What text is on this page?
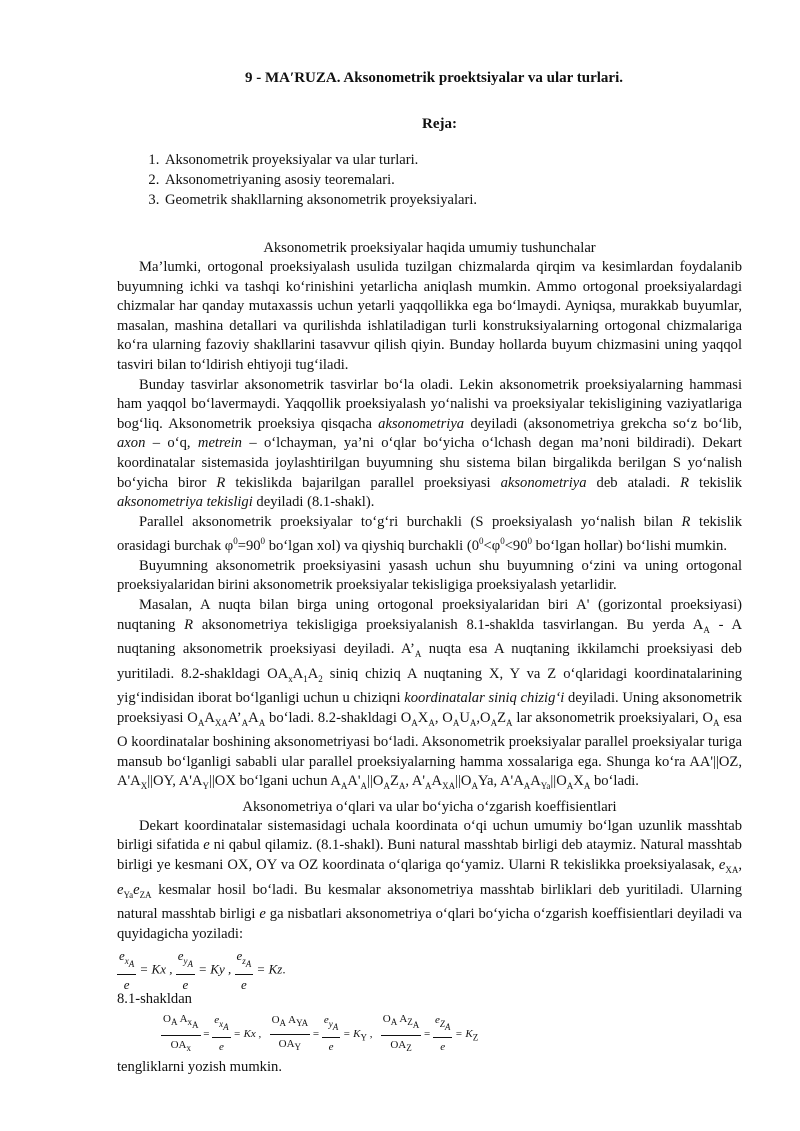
9 - MAʹRUZA. Aksonometrik proektsiyalar va ular turlari.
Reja:
1. Aksonometrik proyeksiyalar va ular turlari.
2. Aksonometriyaning asosiy teoremalari.
3. Geometrik shakllarning aksonometrik proyeksiyalari.
Aksonometrik proeksiyalar haqida umumiy tushunchalar

Ma’lumki, ortogonal proeksiyalash usulida tuzilgan chizmalarda qirqim va kesimlardan foydalanib buyumning ichki va tashqi ko‘rinishini yetarlicha aniqlash mumkin. Ammo ortogonal proeksiyalardagi chizmalar har qanday mutaxassis uchun yetarli yaqqollikka ega bo‘lmaydi. Ayniqsa, murakkab buyumlar, masalan, mashina detallari va qurilishda ishlatiladigan turli konstruksiyalarning ortogonal chizmalariga ko‘ra ularning fazoviy shakllarini tasavvur qilish qiyin. Bunday hollarda buyum chizmasini uning yaqqol tasviri bilan to‘ldirish ehtiyoji tug‘iladi.

Bunday tasvirlar aksonometrik tasvirlar bo‘la oladi. Lekin aksonometrik proeksiyalarning hammasi ham yaqqol bo‘lavermaydi. Yaqqollik proeksiyalash yo‘nalishi va proeksiyalar tekisligining vaziyatlariga bog‘liq. Aksonometrik proeksiya qisqacha aksonometriya deyiladi (aksonometriya grekcha so‘z bo‘lib, axon – o‘q, metrein – o‘lchayman, ya’ni o‘qlar bo‘yicha o‘lchash degan ma’noni bildiradi). Dekart koordinatalar sistemasida joylashtirilgan buyumning shu sistema bilan birgalikda berilgan S yo‘nalish bo‘yicha biror R tekislikda bajarilgan parallel proeksiyasi aksonometriya deb ataladi. R tekislik aksonometriya tekisligi deyiladi (8.1-shakl).

Parallel aksonometrik proeksiyalar to‘g‘ri burchakli (S proeksiyalash yo‘nalish bilan R tekislik orasidagi burchak $\varphi^0=90^0$ bo‘lgan xol) va qiyshiq burchakli ($0^0<\varphi^0<90^0$ bo‘lgan hollar) bo‘lishi mumkin.

Buyumning aksonometrik proeksiyasini yasash uchun shu buyumning o‘zini va uning ortogonal proeksiyalaridan birini aksonometrik proeksiyalar tekisligiga proeksiyalash yetarlidir.

Masalan, A nuqta bilan birga uning ortogonal proeksiyalaridan biri A' (gorizontal proeksiyasi) nuqtaning R aksonometriya tekisligiga proeksiyalanish 8.1-shaklda tasvirlangan. Bu yerda $A_A$ - A nuqtaning aksonometrik proeksiyasi deyiladi. $A’_A$ nuqta esa A nuqtaning ikkilamchi proeksiyasi deb yuritiladi. 8.2-shakldagi $OA_xA_1A_2$ siniq chiziq A nuqtaning X, Y va Z o‘qlaridagi koordinatalarining yig‘indisidan iborat bo‘lganligi uchun u chiziqni koordinatalar siniq chizig‘i deyiladi. Uning aksonometrik proeksiyasi $O_AA_{XA}A’_AA_A$ bo‘ladi. 8.2-shakldagi $O_AX_A$, $O_AU_A,O_AZ_A$ lar aksonometrik proeksiyalari, $O_A$ esa O koordinatalar boshining aksonometriyasi bo‘ladi. Aksonometrik proeksiyalar parallel proeksiyalar turiga mansub bo‘lganligi sababli ular parallel proeksiyalarning hamma xossalariga ega. Shunga ko‘ra AA'||OZ, $A'A_X||OY$, $A'A_Y||OX$ bo‘lgani uchun $A_AA'_A||O_AZ_A$, $A'_AA_{XA}||O_AYa$, $A'A_AA_{Ya}||O_AX_A$ bo‘ladi.

Aksonometriya o‘qlari va ular bo‘yicha o‘zgarish koeffisientlari

Dekart koordinatalar sistemasidagi uchala koordinata o‘qi uchun umumiy bo‘lgan uzunlik masshtab birligi sifatida e ni qabul qilamiz. (8.1-shakl). Buni natural masshtab birligi deb ataymiz. Natural masshtab birligi ye kesmani OX, OY va OZ koordinata o‘qlariga qo‘yamiz. Ularni R tekislikka proeksiyalasak, $e_{XA}$, $e_{Ya}e_{ZA}$ kesmalar hosil bo‘ladi. Bu kesmalar aksonometriya masshtab birliklari deb yuritiladi. Ularning natural masshtab birligi e ga nisbatlari aksonometriya o‘qlari bo‘yicha o‘zgarish koeffisientlari deyiladi va quyidagicha yoziladi:

$\frac{e_{x_A}}{e} = Kx$ , $\frac{e_{y_A}}{e} = Ky$ , $\frac{e_{z_A}}{e} = Kz$.

8.1-shakldan

$\frac{O_A A_{x_A}}{OA_x} = \frac{e_{x_A}}{e} = Kx$ , $\frac{O_A A_{YA}}{OA_Y} = \frac{e_{y_A}}{e} = K_Y$ , $\frac{O_A A_{Z_A}}{OA_Z} = \frac{e_{Z_A}}{e} = K_Z$

tengliklarni yozish mumkin.
